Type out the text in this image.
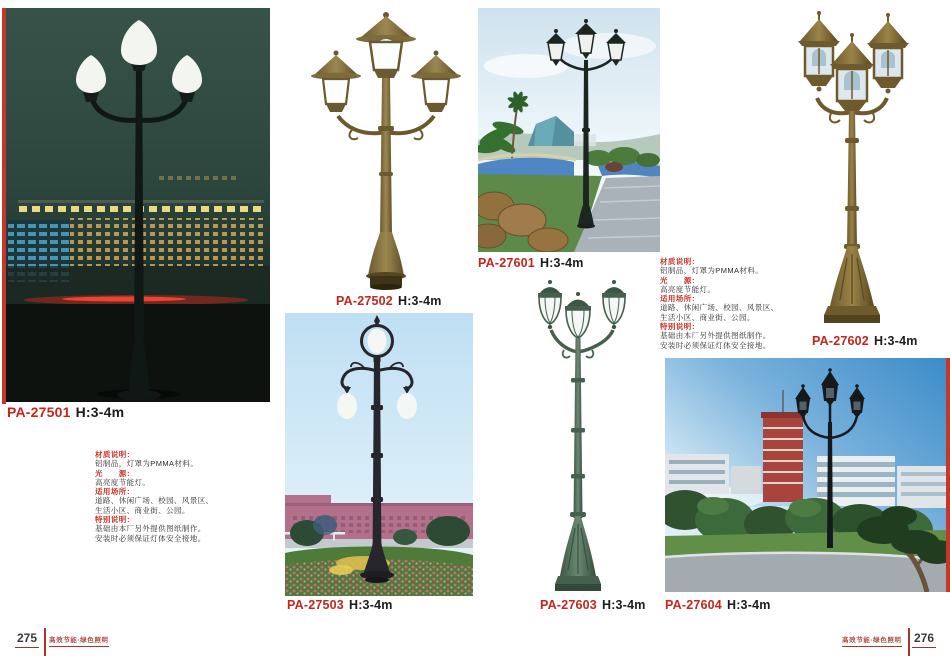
PA-27501 H:3-4m
PA-27502 H:3-4m
PA-27503 H:3-4m
PA-27601 H:3-4m
PA-27602 H:3-4m
PA-27603 H:3-4m PA-27604 H:3-4m
材质说明：
铝制品，灯罩为PMMA材料。
光　　源：
高亮度节能灯。
适用场所：
道路、休闲广场、校园、风景区、
生活小区、商业街、公园。
特别说明：
基础由本厂另外提供图纸制作。
安装时必须保证灯体安全接地。
材质说明：
铝制品，灯罩为PMMA材料。
光　　源：
高亮度节能灯。
适用场所：
道路、休闲广场、校园、风景区、
生活小区、商业街、公园。
特别说明：
基础由本厂另外提供图纸制作。
安装时必须保证灯体安全接地。
275	高效节能·绿色照明	高效节能·绿色照明 276
